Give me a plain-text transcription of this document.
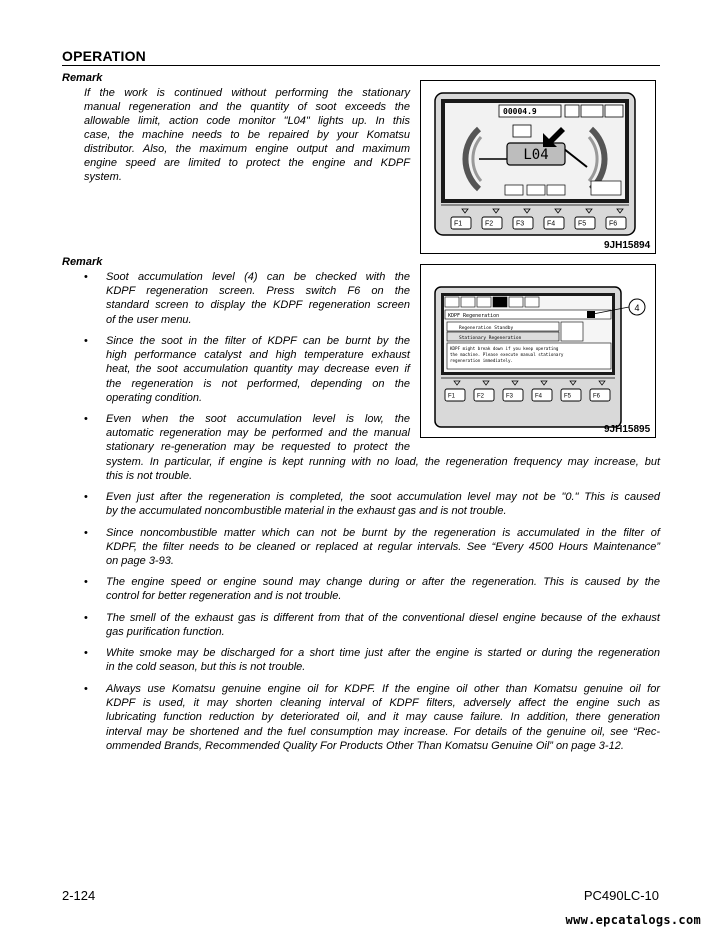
OPERATION
Remark
If the work is continued without performing the stationary
manual regeneration and the quantity of soot exceeds the
allowable limit, action code monitor "L04" lights up. In this
case, the machine needs to be repaired by your Komatsu
distributor. Also, the maximum engine output and maximum
engine speed are limited to protect the engine and KDPF
system.
00004.9
L04
F1	F2	F3	F4	F5	F6
9JH15894
Remark
• Soot accumulation level (4) can be checked with the
KDPF regeneration screen. Press switch F6 on the
standard screen to display the KDPF regeneration screen
of the user menu.
• Since the soot in the filter of KDPF can be burnt by the
high performance catalyst and high temperature exhaust
heat, the soot accumulation quantity may decrease even if
the regeneration is not performed, depending on the
operating condition.
• Even when the soot accumulation level is low, the
automatic regeneration may be performed and the manual
stationary re-generation may be requested to protect the
system. In particular, if engine is kept running with no load, the regeneration frequency may increase, but
this is not trouble.
• Even just after the regeneration is completed, the soot accumulation level may not be "0." This is caused
by the accumulated noncombustible material in the exhaust gas and is not trouble.
• Since noncombustible matter which can not be burnt by the regeneration is accumulated in the filter of
KDPF, the filter needs to be cleaned or replaced at regular intervals. See “Every 4500 Hours Maintenance”
on page 3-93.
• The engine speed or engine sound may change during or after the regeneration. This is caused by the
control for better regeneration and is not trouble.
• The smell of the exhaust gas is different from that of the conventional diesel engine because of the exhaust
gas purification function.
• White smoke may be discharged for a short time just after the engine is started or during the regeneration
in the cold season, but this is not trouble.
• Always use Komatsu genuine engine oil for KDPF. If the engine oil other than Komatsu genuine oil for
KDPF is used, it may shorten cleaning interval of KDPF filters, adversely affect the engine such as
lubricating function reduction by deteriorated oil, and it may cause failure. In addition, there generation
interval may be shortened and the fuel consumption may increase. For details of the genuine oil, see “Rec-
ommended Brands, Recommended Quality For Products Other Than Komatsu Genuine Oil” on page 3-12.
KDPF Regeneration
Regeneration Standby
Stationary Regeneration
KDPF might break down if you keep operating
the machine. Please execute manual stationary
regeneration immediately.
4
F1	F2	F3	F4	F5	F6
9JH15895
2-124	PC490LC-10
www.epcatalogs.com
